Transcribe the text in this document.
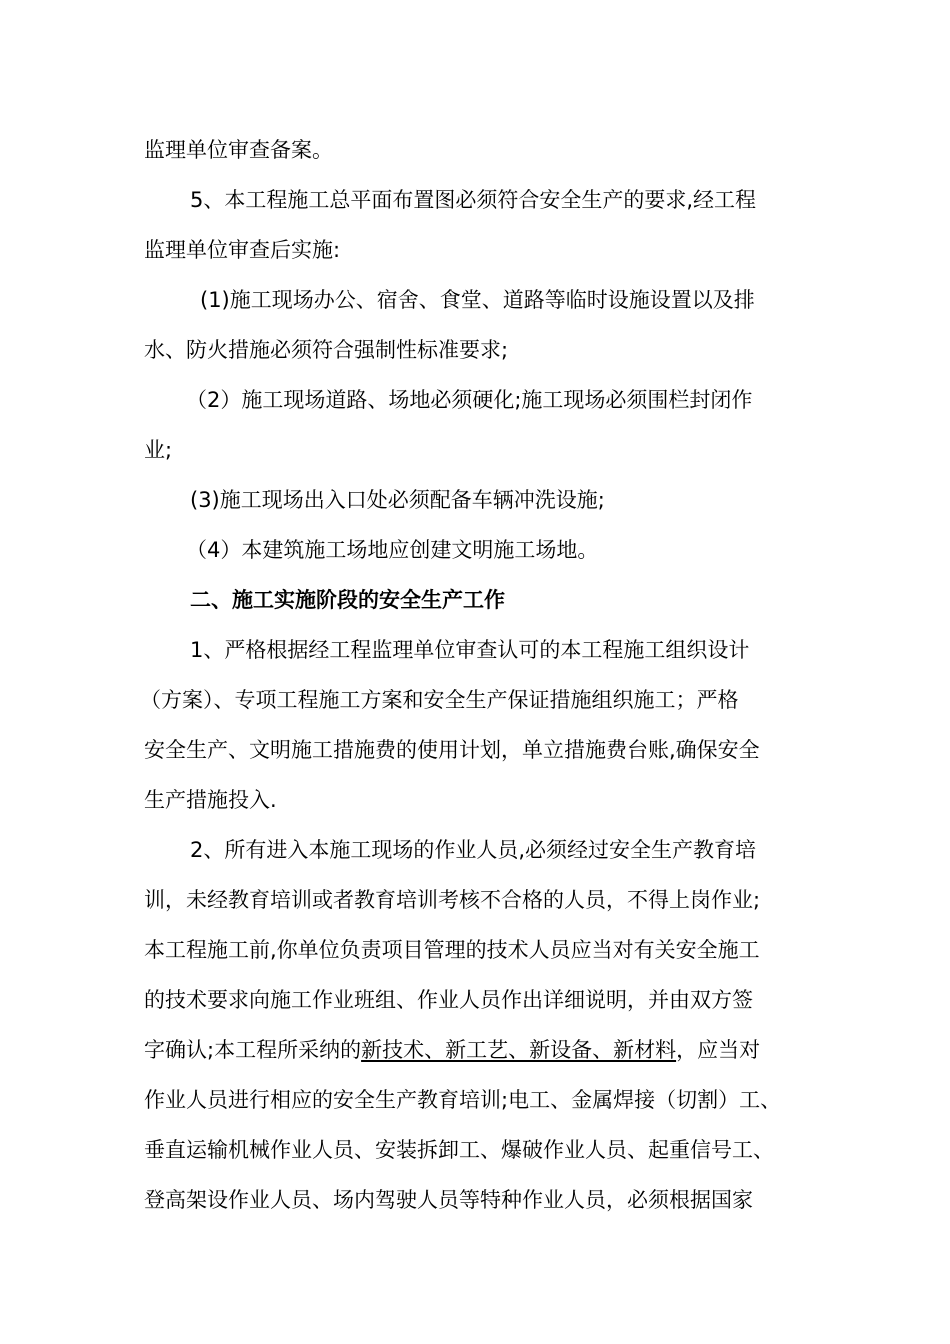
监理单位审查备案。
5、本工程施工总平面布置图必须符合安全生产的要求,经工程
监理单位审查后实施:
(1)施工现场办公、宿舍、食堂、道路等临时设施设置以及排
水、防火措施必须符合强制性标准要求;
（2）施工现场道路、场地必须硬化;施工现场必须围栏封闭作
业;
(3)施工现场出入口处必须配备车辆冲洗设施;
（4）本建筑施工场地应创建文明施工场地。
二、施工实施阶段的安全生产工作
1、严格根据经工程监理单位审查认可的本工程施工组织设计
（方案）、专项工程施工方案和安全生产保证措施组织施工；严格
安全生产、文明施工措施费的使用计划，单立措施费台账,确保安全
生产措施投入.
2、所有进入本施工现场的作业人员,必须经过安全生产教育培
训，未经教育培训或者教育培训考核不合格的人员，不得上岗作业;
本工程施工前,你单位负责项目管理的技术人员应当对有关安全施工
的技术要求向施工作业班组、作业人员作出详细说明，并由双方签
字确认;本工程所采纳的新技术、新工艺、新设备、新材料，应当对
作业人员进行相应的安全生产教育培训;电工、金属焊接（切割）工、
垂直运输机械作业人员、安装拆卸工、爆破作业人员、起重信号工、
登高架设作业人员、场内驾驶人员等特种作业人员，必须根据国家
